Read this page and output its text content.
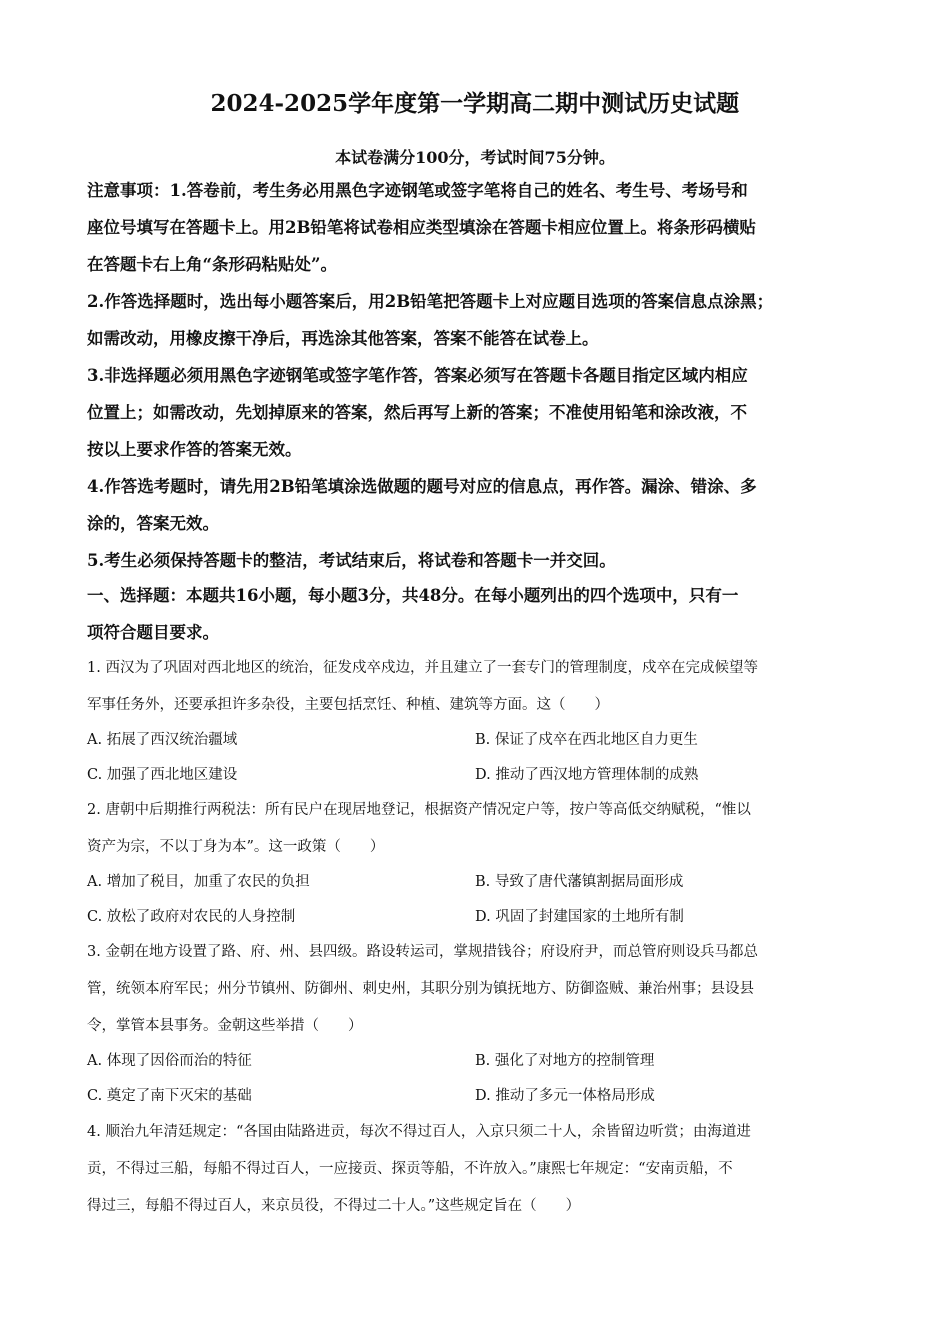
2024-2025学年度第一学期高二期中测试历史试题
本试卷满分100分，考试时间75分钟。
注意事项：1.答卷前，考生务必用黑色字迹钢笔或签字笔将自己的姓名、考生号、考场号和
座位号填写在答题卡上。用2B铅笔将试卷相应类型填涂在答题卡相应位置上。将条形码横贴
在答题卡右上角“条形码粘贴处”。
2.作答选择题时，选出每小题答案后，用2B铅笔把答题卡上对应题目选项的答案信息点涂黑；
如需改动，用橡皮擦干净后，再选涂其他答案，答案不能答在试卷上。
3.非选择题必须用黑色字迹钢笔或签字笔作答，答案必须写在答题卡各题目指定区域内相应
位置上；如需改动，先划掉原来的答案，然后再写上新的答案；不准使用铅笔和涂改液，不
按以上要求作答的答案无效。
4.作答选考题时，请先用2B铅笔填涂选做题的题号对应的信息点，再作答。漏涂、错涂、多
涂的，答案无效。
5.考生必须保持答题卡的整洁，考试结束后，将试卷和答题卡一并交回。
一、选择题：本题共16小题，每小题3分，共48分。在每小题列出的四个选项中，只有一
项符合题目要求。
1. 西汉为了巩固对西北地区的统治，征发戍卒戍边，并且建立了一套专门的管理制度，戍卒在完成候望等
军事任务外，还要承担许多杂役，主要包括烹饪、种植、建筑等方面。这（　　）
A. 拓展了西汉统治疆域	B. 保证了戍卒在西北地区自力更生
C. 加强了西北地区建设	D. 推动了西汉地方管理体制的成熟
2. 唐朝中后期推行两税法：所有民户在现居地登记，根据资产情况定户等，按户等高低交纳赋税，“惟以
资产为宗，不以丁身为本”。这一政策（　　）
A. 增加了税目，加重了农民的负担	B. 导致了唐代藩镇割据局面形成
C. 放松了政府对农民的人身控制	D. 巩固了封建国家的土地所有制
3. 金朝在地方设置了路、府、州、县四级。路设转运司，掌规措钱谷；府设府尹，而总管府则设兵马都总
管，统领本府军民；州分节镇州、防御州、刺史州，其职分别为镇抚地方、防御盗贼、兼治州事；县设县
令，掌管本县事务。金朝这些举措（　　）
A. 体现了因俗而治的特征	B. 强化了对地方的控制管理
C. 奠定了南下灭宋的基础	D. 推动了多元一体格局形成
4. 顺治九年清廷规定：“各国由陆路进贡，每次不得过百人，入京只须二十人，余皆留边听赏；由海道进
贡，不得过三船，每船不得过百人，一应接贡、探贡等船，不许放入。”康熙七年规定：“安南贡船，不
得过三，每船不得过百人，来京员役，不得过二十人。”这些规定旨在（　　）
